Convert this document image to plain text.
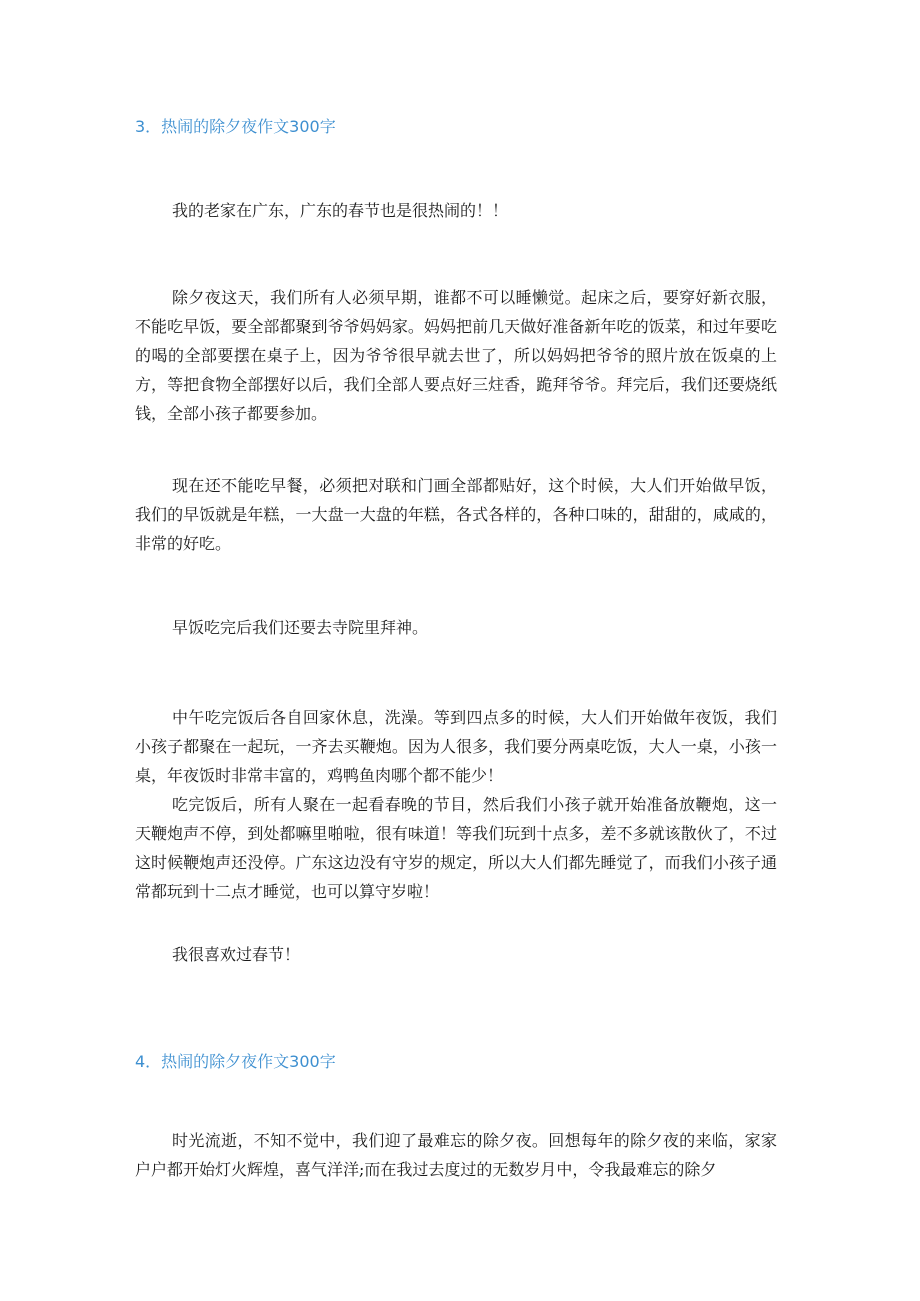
3．热闹的除夕夜作文300字

我的老家在广东，广东的春节也是很热闹的！！

除夕夜这天，我们所有人必须早期，谁都不可以睡懒觉。起床之后，要穿好新衣服，不能吃早饭，要全部都聚到爷爷妈妈家。妈妈把前几天做好准备新年吃的饭菜，和过年要吃的喝的全部要摆在桌子上，因为爷爷很早就去世了，所以妈妈把爷爷的照片放在饭桌的上方，等把食物全部摆好以后，我们全部人要点好三炷香，跪拜爷爷。拜完后，我们还要烧纸钱，全部小孩子都要参加。

现在还不能吃早餐，必须把对联和门画全部都贴好，这个时候，大人们开始做早饭，我们的早饭就是年糕，一大盘一大盘的年糕，各式各样的，各种口味的，甜甜的，咸咸的，非常的好吃。

早饭吃完后我们还要去寺院里拜神。

中午吃完饭后各自回家休息，洗澡。等到四点多的时候，大人们开始做年夜饭，我们小孩子都聚在一起玩，一齐去买鞭炮。因为人很多，我们要分两桌吃饭，大人一桌，小孩一桌，年夜饭时非常丰富的，鸡鸭鱼肉哪个都不能少！

吃完饭后，所有人聚在一起看春晚的节目，然后我们小孩子就开始准备放鞭炮，这一天鞭炮声不停，到处都嘛里啪啦，很有味道！等我们玩到十点多，差不多就该散伙了，不过这时候鞭炮声还没停。广东这边没有守岁的规定，所以大人们都先睡觉了，而我们小孩子通常都玩到十二点才睡觉，也可以算守岁啦！

我很喜欢过春节！

4．热闹的除夕夜作文300字

时光流逝，不知不觉中，我们迎了最难忘的除夕夜。回想每年的除夕夜的来临，家家户户都开始灯火辉煌，喜气洋洋;而在我过去度过的无数岁月中，令我最难忘的除夕
